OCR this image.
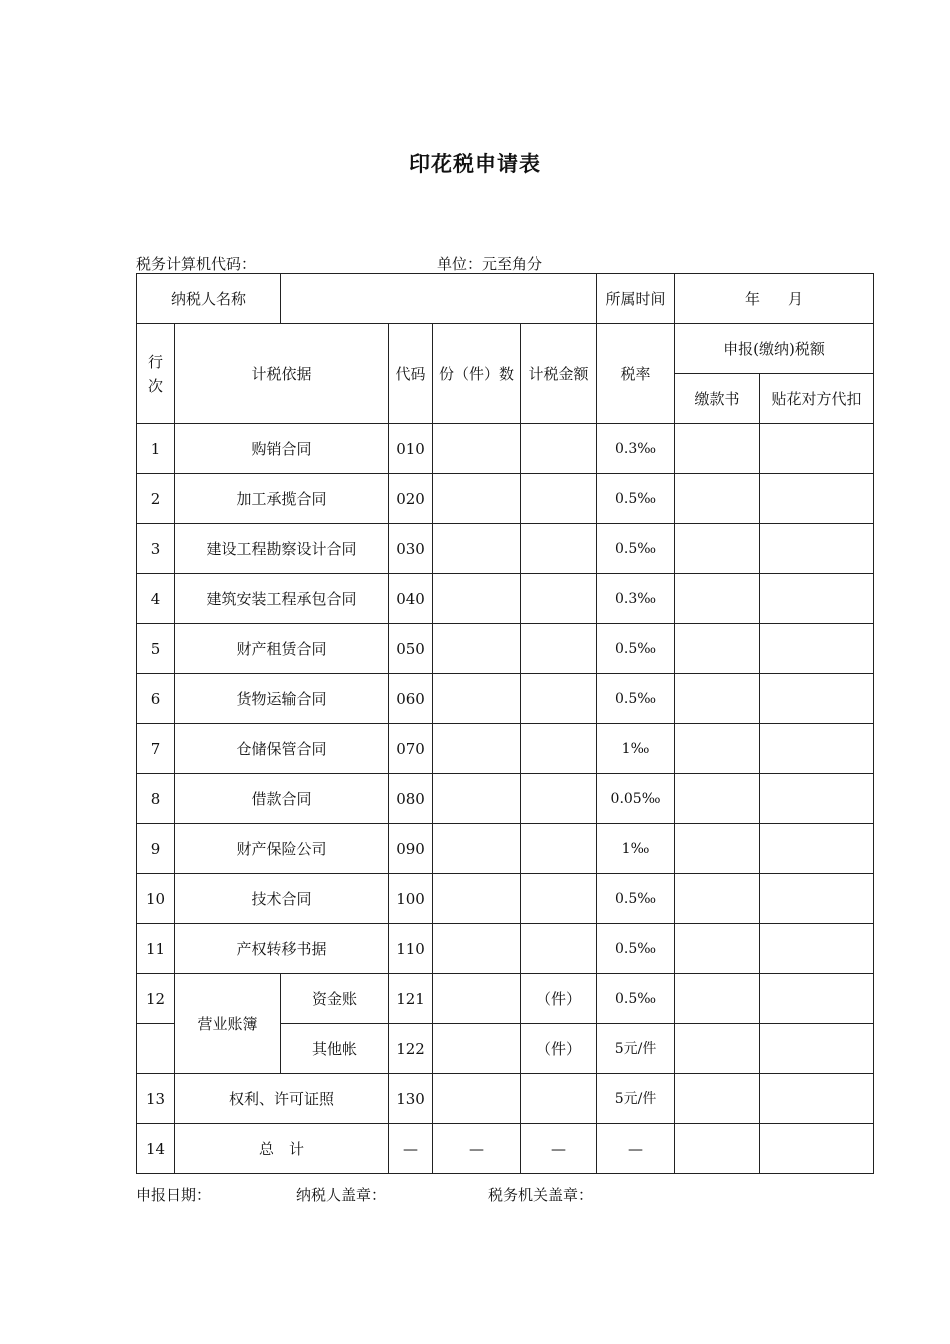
印花税申请表
税务计算机代码：	单位：元至角分
纳税人名称						所属时间	年 月	
行次	计税依据		代码	份（件）数	计税金额	税率	申报(缴纳)税额	
							缴款书	贴花对方代扣
1	购销合同		010			0.3‰		
2	加工承揽合同		020			0.5‰		
3	建设工程勘察设计合同		030			0.5‰		
4	建筑安装工程承包合同		040			0.3‰		
5	财产租赁合同		050			0.5‰		
6	货物运输合同		060			0.5‰		
7	仓储保管合同		070			1‰		
8	借款合同		080			0.05‰		
9	财产保险公司		090			1‰		
10	技术合同		100			0.5‰		
11	产权转移书据		110			0.5‰		
12	营业账簿	资金账	121		（件）	0.5‰		
		其他帐	122		（件）	5元/件		
13	权利、许可证照		130			5元/件		
14	总　计		—	—	—	—		
申报日期：	纳税人盖章：	税务机关盖章：
